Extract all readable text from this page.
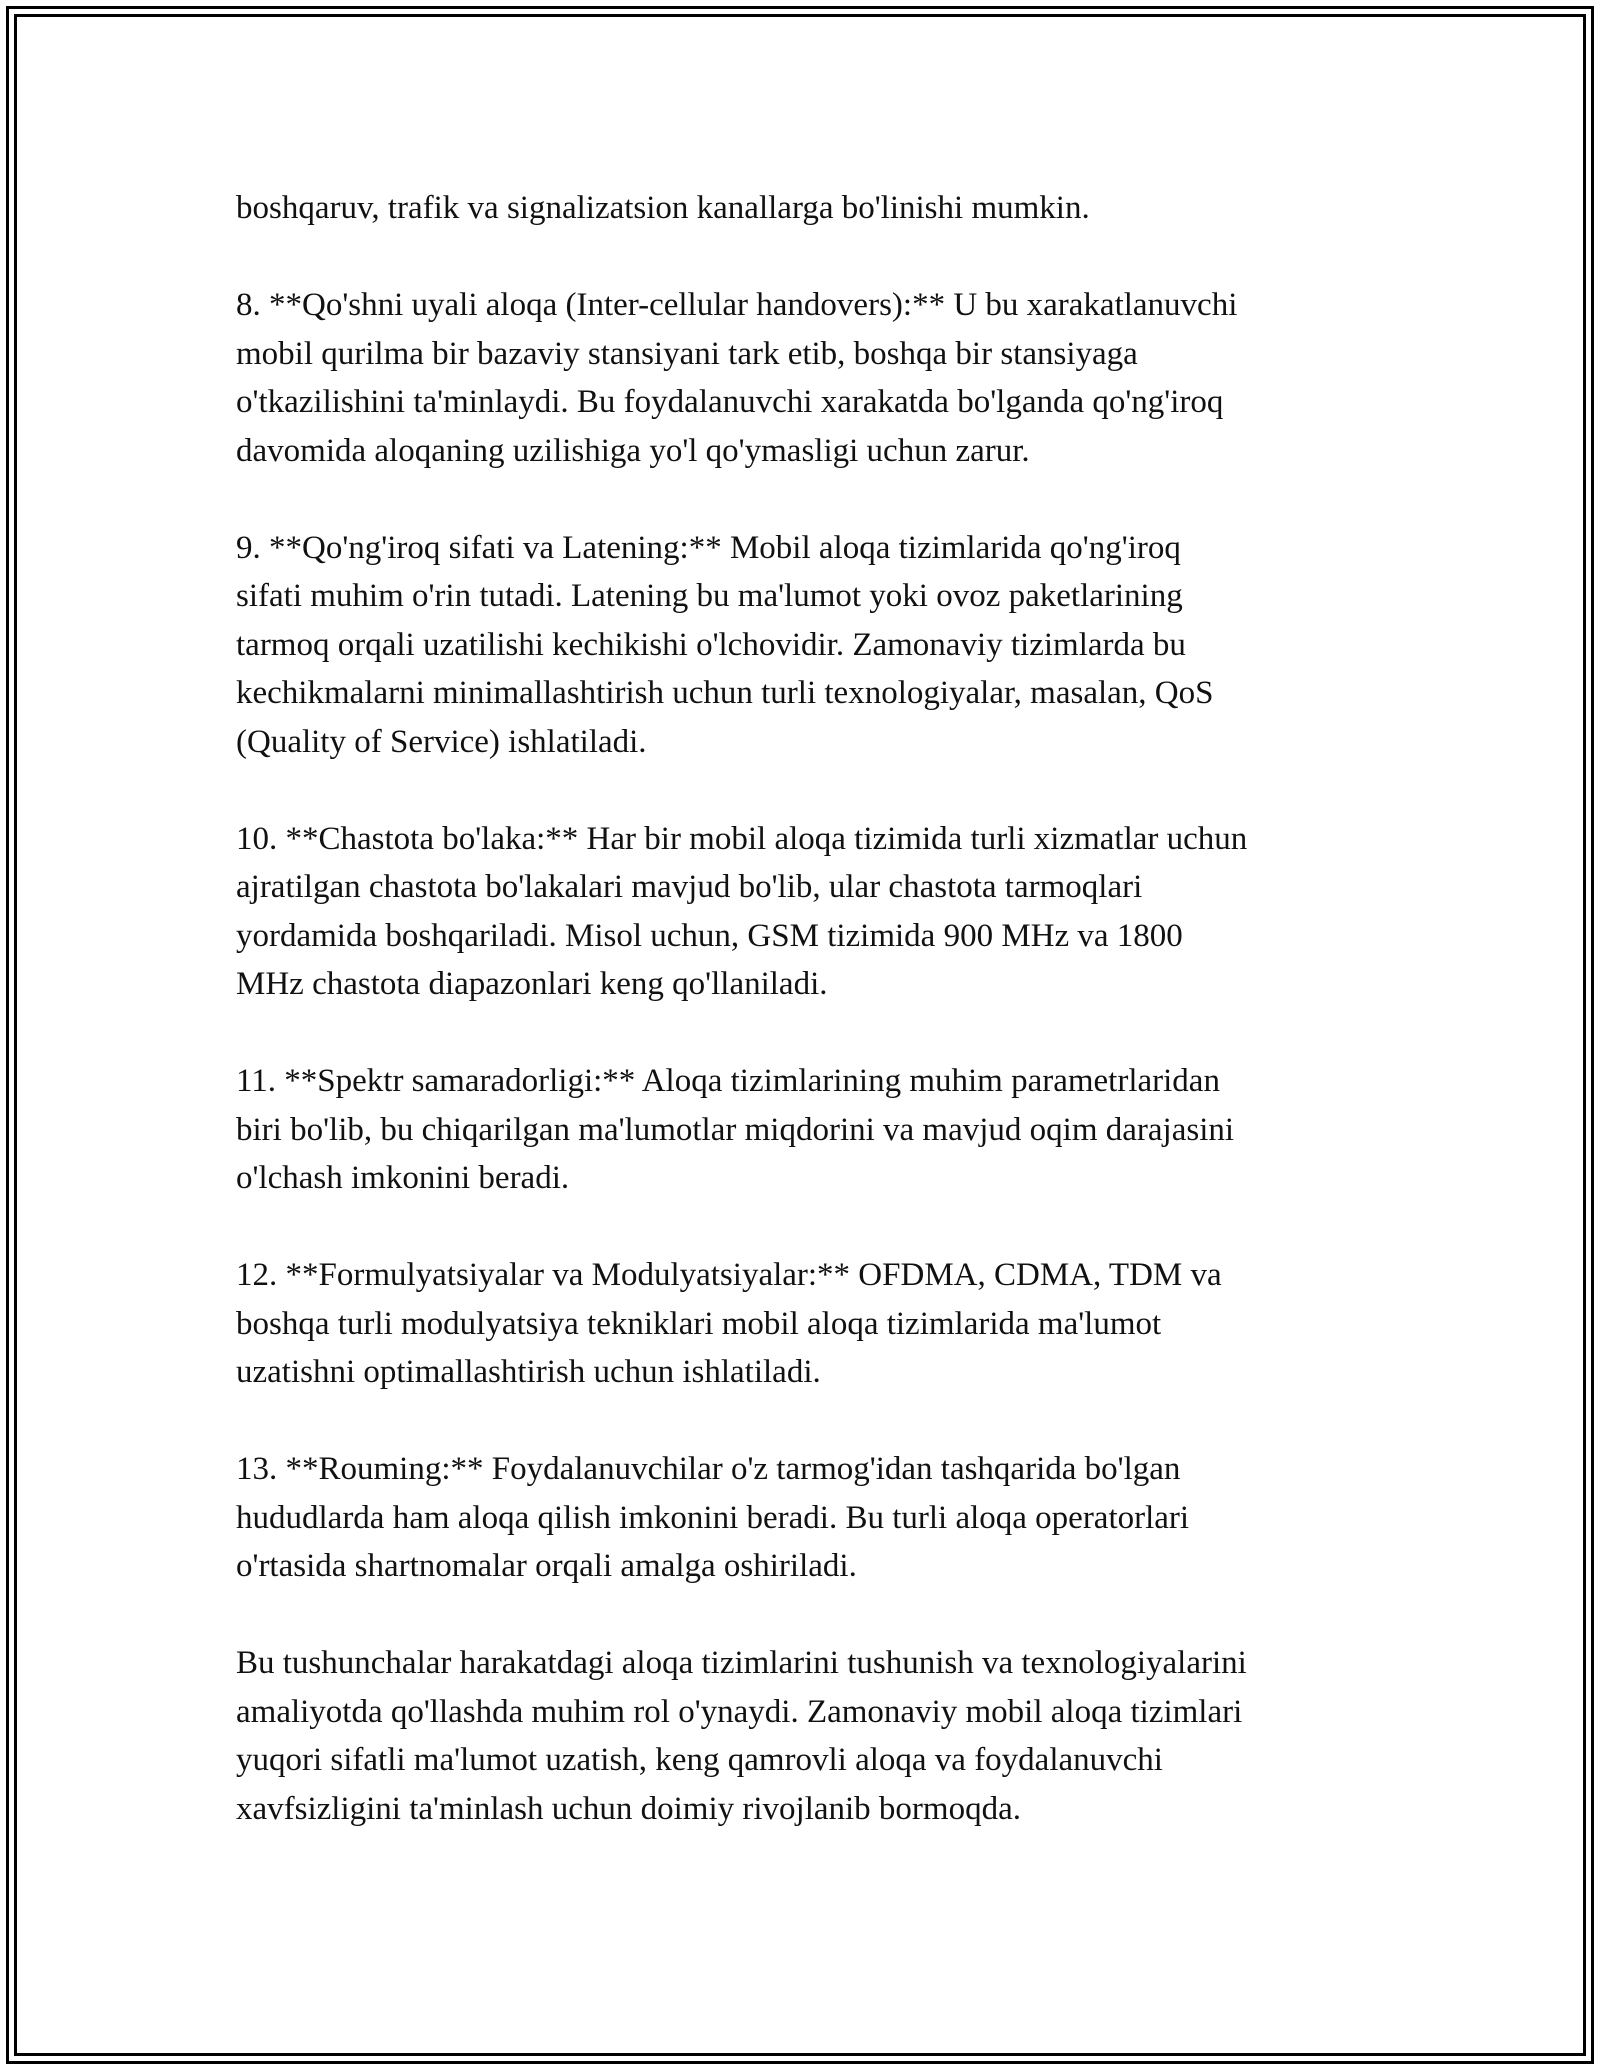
boshqaruv, trafik va signalizatsion kanallarga bo'linishi mumkin.

8. **Qo'shni uyali aloqa (Inter-cellular handovers):** U bu xarakatlanuvchi
mobil qurilma bir bazaviy stansiyani tark etib, boshqa bir stansiyaga
o'tkazilishini ta'minlaydi. Bu foydalanuvchi xarakatda bo'lganda qo'ng'iroq
davomida aloqaning uzilishiga yo'l qo'ymasligi uchun zarur.

9. **Qo'ng'iroq sifati va Latening:** Mobil aloqa tizimlarida qo'ng'iroq
sifati muhim o'rin tutadi. Latening bu ma'lumot yoki ovoz paketlarining
tarmoq orqali uzatilishi kechikishi o'lchovidir. Zamonaviy tizimlarda bu
kechikmalarni minimallashtirish uchun turli texnologiyalar, masalan, QoS
(Quality of Service) ishlatiladi.

10. **Chastota bo'laka:** Har bir mobil aloqa tizimida turli xizmatlar uchun
ajratilgan chastota bo'lakalari mavjud bo'lib, ular chastota tarmoqlari
yordamida boshqariladi. Misol uchun, GSM tizimida 900 MHz va 1800
MHz chastota diapazonlari keng qo'llaniladi.

11. **Spektr samaradorligi:** Aloqa tizimlarining muhim parametrlaridan
biri bo'lib, bu chiqarilgan ma'lumotlar miqdorini va mavjud oqim darajasini
o'lchash imkonini beradi.

12. **Formulyatsiyalar va Modulyatsiyalar:** OFDMA, CDMA, TDM va
boshqa turli modulyatsiya tekniklari mobil aloqa tizimlarida ma'lumot
uzatishni optimallashtirish uchun ishlatiladi.

13. **Rouming:** Foydalanuvchilar o'z tarmog'idan tashqarida bo'lgan
hududlarda ham aloqa qilish imkonini beradi. Bu turli aloqa operatorlari
o'rtasida shartnomalar orqali amalga oshiriladi.

Bu tushunchalar harakatdagi aloqa tizimlarini tushunish va texnologiyalarini
amaliyotda qo'llashda muhim rol o'ynaydi. Zamonaviy mobil aloqa tizimlari
yuqori sifatli ma'lumot uzatish, keng qamrovli aloqa va foydalanuvchi
xavfsizligini ta'minlash uchun doimiy rivojlanib bormoqda.
